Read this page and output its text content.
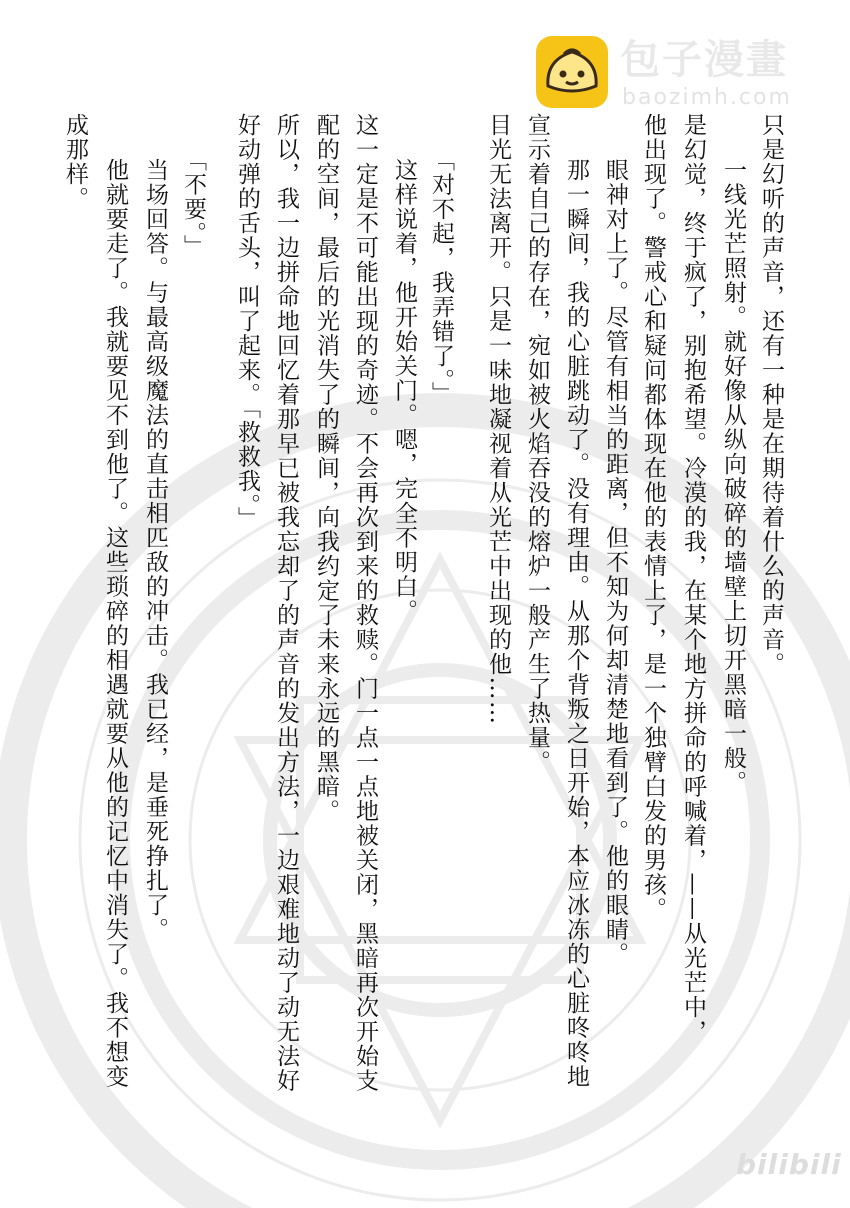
包子漫畫
baozimh.com
只是幻听的声音，还有一种是在期待着什么的声音。
一线光芒照射。就好像从纵向破碎的墙壁上切开黑暗一般。
是幻觉，终于疯了，别抱希望。冷漠的我，在某个地方拼命的呼喊着，——从光芒中，
他出现了。警戒心和疑问都体现在他的表情上了，是一个独臂白发的男孩。
眼神对上了。尽管有相当的距离，但不知为何却清楚地看到了。他的眼睛。
那一瞬间，我的心脏跳动了。没有理由。从那个背叛之日开始，本应冰冻的心脏咚咚地
宣示着自己的存在，宛如被火焰吞没的熔炉一般产生了热量。
目光无法离开。只是一味地凝视着从光芒中出现的他……
「对不起，我弄错了。」
这样说着，他开始关门。嗯，完全不明白。
这一定是不可能出现的奇迹。不会再次到来的救赎。门一点一点地被关闭，黑暗再次开始支
配的空间，最后的光消失了的瞬间，向我约定了未来永远的黑暗。
所以，我一边拼命地回忆着那早已被我忘却了的声音的发出方法，一边艰难地动了动无法好
好动弹的舌头，叫了起来。「救救我。」
「不要。」
当场回答。与最高级魔法的直击相匹敌的冲击。我已经，是垂死挣扎了。
他就要走了。我就要见不到他了。这些琐碎的相遇就要从他的记忆中消失了。我不想变
成那样。
bilibili
